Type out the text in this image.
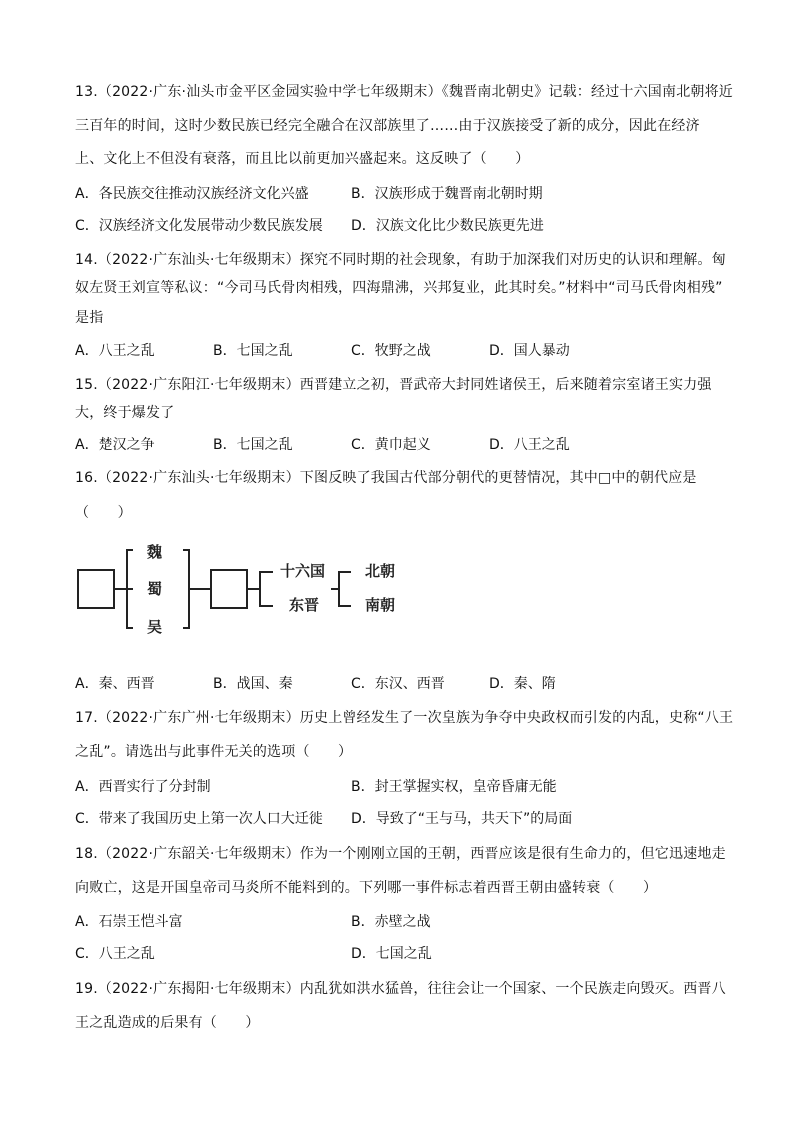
13.（2022·广东·汕头市金平区金园实验中学七年级期末）《魏晋南北朝史》记载：经过十六国南北朝将近
三百年的时间，这时少数民族已经完全融合在汉部族里了……由于汉族接受了新的成分，因此在经济
上、文化上不但没有衰落，而且比以前更加兴盛起来。这反映了（　　）
A．各民族交往推动汉族经济文化兴盛	B．汉族形成于魏晋南北朝时期
C．汉族经济文化发展带动少数民族发展 D．汉族文化比少数民族更先进
14.（2022·广东汕头·七年级期末）探究不同时期的社会现象，有助于加深我们对历史的认识和理解。匈
奴左贤王刘宣等私议：“今司马氏骨肉相残，四海鼎沸，兴邦复业，此其时矣。”材料中“司马氏骨肉相残”
是指
A．八王之乱	B．七国之乱	C．牧野之战	D．国人暴动
15.（2022·广东阳江·七年级期末）西晋建立之初，晋武帝大封同姓诸侯王，后来随着宗室诸王实力强
大，终于爆发了
A．楚汉之争	B．七国之乱	C．黄巾起义	D．八王之乱
16.（2022·广东汕头·七年级期末）下图反映了我国古代部分朝代的更替情况，其中□中的朝代应是
（　　）
魏
蜀
吴
十六国
东晋
北朝
南朝
A．秦、西晋	B．战国、秦	C．东汉、西晋	D．秦、隋
17.（2022·广东广州·七年级期末）历史上曾经发生了一次皇族为争夺中央政权而引发的内乱，史称“八王
之乱”。请选出与此事件无关的选项（　　）
A．西晋实行了分封制	B．封王掌握实权，皇帝昏庸无能
C．带来了我国历史上第一次人口大迁徙 D．导致了“王与马，共天下”的局面
18.（2022·广东韶关·七年级期末）作为一个刚刚立国的王朝，西晋应该是很有生命力的，但它迅速地走
向败亡，这是开国皇帝司马炎所不能料到的。下列哪一事件标志着西晋王朝由盛转衰（　　）
A．石崇王恺斗富	B．赤壁之战
C．八王之乱	D．七国之乱
19.（2022·广东揭阳·七年级期末）内乱犹如洪水猛兽，往往会让一个国家、一个民族走向毁灭。西晋八
王之乱造成的后果有（　　）
